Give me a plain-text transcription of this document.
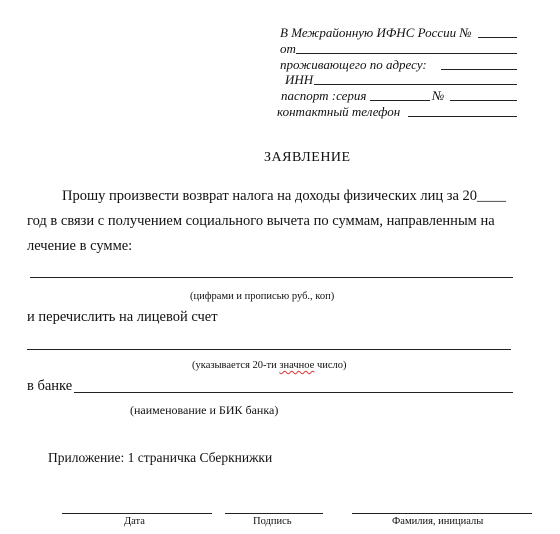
В Межрайонную ИФНС России №
от
проживающего по адресу:
ИНН
паспорт :серия	№
контактный телефон
ЗАЯВЛЕНИЕ
Прошу произвести возврат налога на доходы физических лиц за 20____
год в связи с получением социального вычета по суммам, направленным на
лечение в сумме:
(цифрами и прописью руб., коп)
и перечислить на лицевой счет
(указывается 20-ти значное число)
в банке
(наименование и БИК банка)
Приложение: 1 страничка Сберкнижки
Дата	Подпись	Фамилия, инициалы
